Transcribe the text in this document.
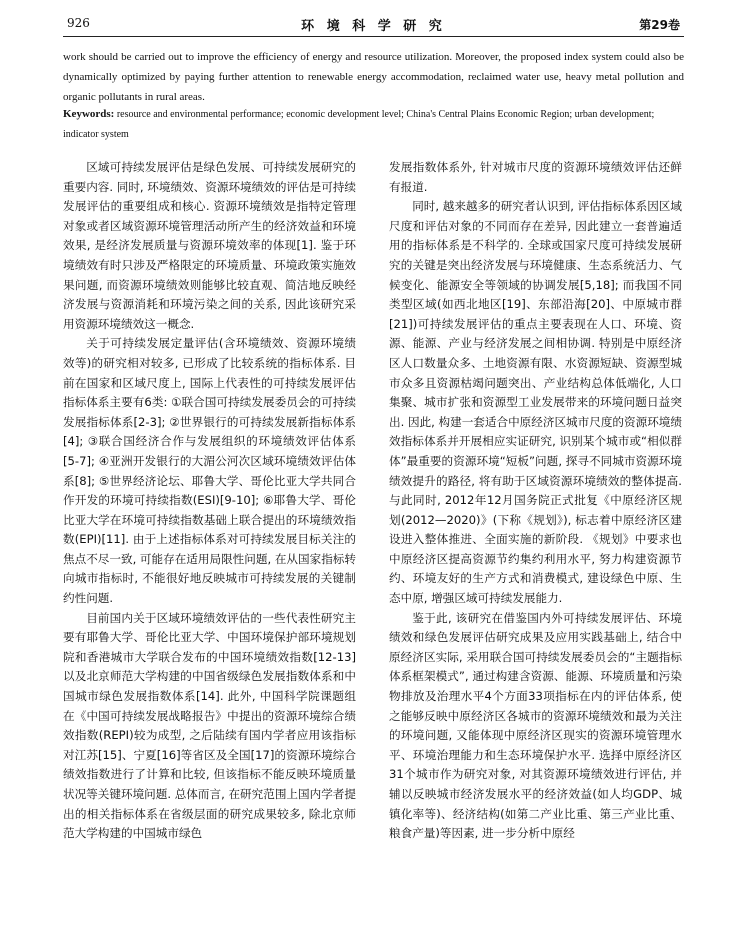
926	环 境 科 学 研 究	第29卷
work should be carried out to improve the efficiency of energy and resource utilization. Moreover, the proposed index system could also be dynamically optimized by paying further attention to renewable energy accommodation, reclaimed water use, heavy metal pollution and organic pollutants in rural areas.
Keywords: resource and environmental performance; economic development level; China's Central Plains Economic Region; urban development; indicator system

区域可持续发展评估是绿色发展、可持续发展研究的重要内容. 同时, 环境绩效、资源环境绩效的评估是可持续发展评估的重要组成和核心. 资源环境绩效是指特定管理对象或者区域资源环境管理活动所产生的经济效益和环境效果, 是经济发展质量与资源环境效率的体现[1]. 鉴于环境绩效有时只涉及严格限定的环境质量、环境政策实施效果问题, 而资源环境绩效则能够比较直观、简洁地反映经济发展与资源消耗和环境污染之间的关系, 因此该研究采用资源环境绩效这一概念.

关于可持续发展定量评估(含环境绩效、资源环境绩效等)的研究相对较多, 已形成了比较系统的指标体系. 目前在国家和区域尺度上, 国际上代表性的可持续发展评估指标体系主要有6类: ①联合国可持续发展委员会的可持续发展指标体系[2-3]; ②世界银行的可持续发展新指标体系[4]; ③联合国经济合作与发展组织的环境绩效评估体系[5-7]; ④亚洲开发银行的大湄公河次区域环境绩效评估体系[8]; ⑤世界经济论坛、耶鲁大学、哥伦比亚大学共同合作开发的环境可持续指数(ESI)[9-10]; ⑥耶鲁大学、哥伦比亚大学在环境可持续指数基础上联合提出的环境绩效指数(EPI)[11]. 由于上述指标体系对可持续发展目标关注的焦点不尽一致, 可能存在适用局限性问题, 在从国家指标转向城市指标时, 不能很好地反映城市可持续发展的关键制约性问题.

目前国内关于区域环境绩效评估的一些代表性研究主要有耶鲁大学、哥伦比亚大学、中国环境保护部环境规划院和香港城市大学联合发布的中国环境绩效指数[12-13]以及北京师范大学构建的中国省级绿色发展指数体系和中国城市绿色发展指数体系[14]. 此外, 中国科学院课题组在《中国可持续发展战略报告》中提出的资源环境综合绩效指数(REPI)较为成型, 之后陆续有国内学者应用该指标对江苏[15]、宁夏[16]等省区及全国[17]的资源环境综合绩效指数进行了计算和比较, 但该指标不能反映环境质量状况等关键环境问题. 总体而言, 在研究范围上国内学者提出的相关指标体系在省级层面的研究成果较多, 除北京师范大学构建的中国城市绿色

发展指数体系外, 针对城市尺度的资源环境绩效评估还鲜有报道.

同时, 越来越多的研究者认识到, 评估指标体系因区域尺度和评估对象的不同而存在差异, 因此建立一套普遍适用的指标体系是不科学的. 全球或国家尺度可持续发展研究的关键是突出经济发展与环境健康、生态系统活力、气候变化、能源安全等领域的协调发展[5,18]; 而我国不同类型区域(如西北地区[19]、东部沿海[20]、中原城市群[21])可持续发展评估的重点主要表现在人口、环境、资源、能源、产业与经济发展之间相协调. 特别是中原经济区人口数量众多、土地资源有限、水资源短缺、资源型城市众多且资源枯竭问题突出、产业结构总体低端化, 人口集聚、城市扩张和资源型工业发展带来的环境问题日益突出. 因此, 构建一套适合中原经济区城市尺度的资源环境绩效指标体系并开展相应实证研究, 识别某个城市或“相似群体”最重要的资源环境“短板”问题, 探寻不同城市资源环境绩效提升的路径, 将有助于区域资源环境绩效的整体提高. 与此同时, 2012年12月国务院正式批复《中原经济区规划(2012—2020)》(下称《规划》), 标志着中原经济区建设进入整体推进、全面实施的新阶段. 《规划》中要求也中原经济区提高资源节约集约利用水平, 努力构建资源节约、环境友好的生产方式和消费模式, 建设绿色中原、生态中原, 增强区域可持续发展能力.

鉴于此, 该研究在借鉴国内外可持续发展评估、环境绩效和绿色发展评估研究成果及应用实践基础上, 结合中原经济区实际, 采用联合国可持续发展委员会的“主题指标体系框架模式”, 通过构建含资源、能源、环境质量和污染物排放及治理水平4个方面33项指标在内的评估体系, 使之能够反映中原经济区各城市的资源环境绩效和最为关注的环境问题, 又能体现中原经济区现实的资源环境管理水平、环境治理能力和生态环境保护水平. 选择中原经济区31个城市作为研究对象, 对其资源环境绩效进行评估, 并辅以反映城市经济发展水平的经济效益(如人均GDP、城镇化率等)、经济结构(如第二产业比重、第三产业比重、粮食产量)等因素, 进一步分析中原经
